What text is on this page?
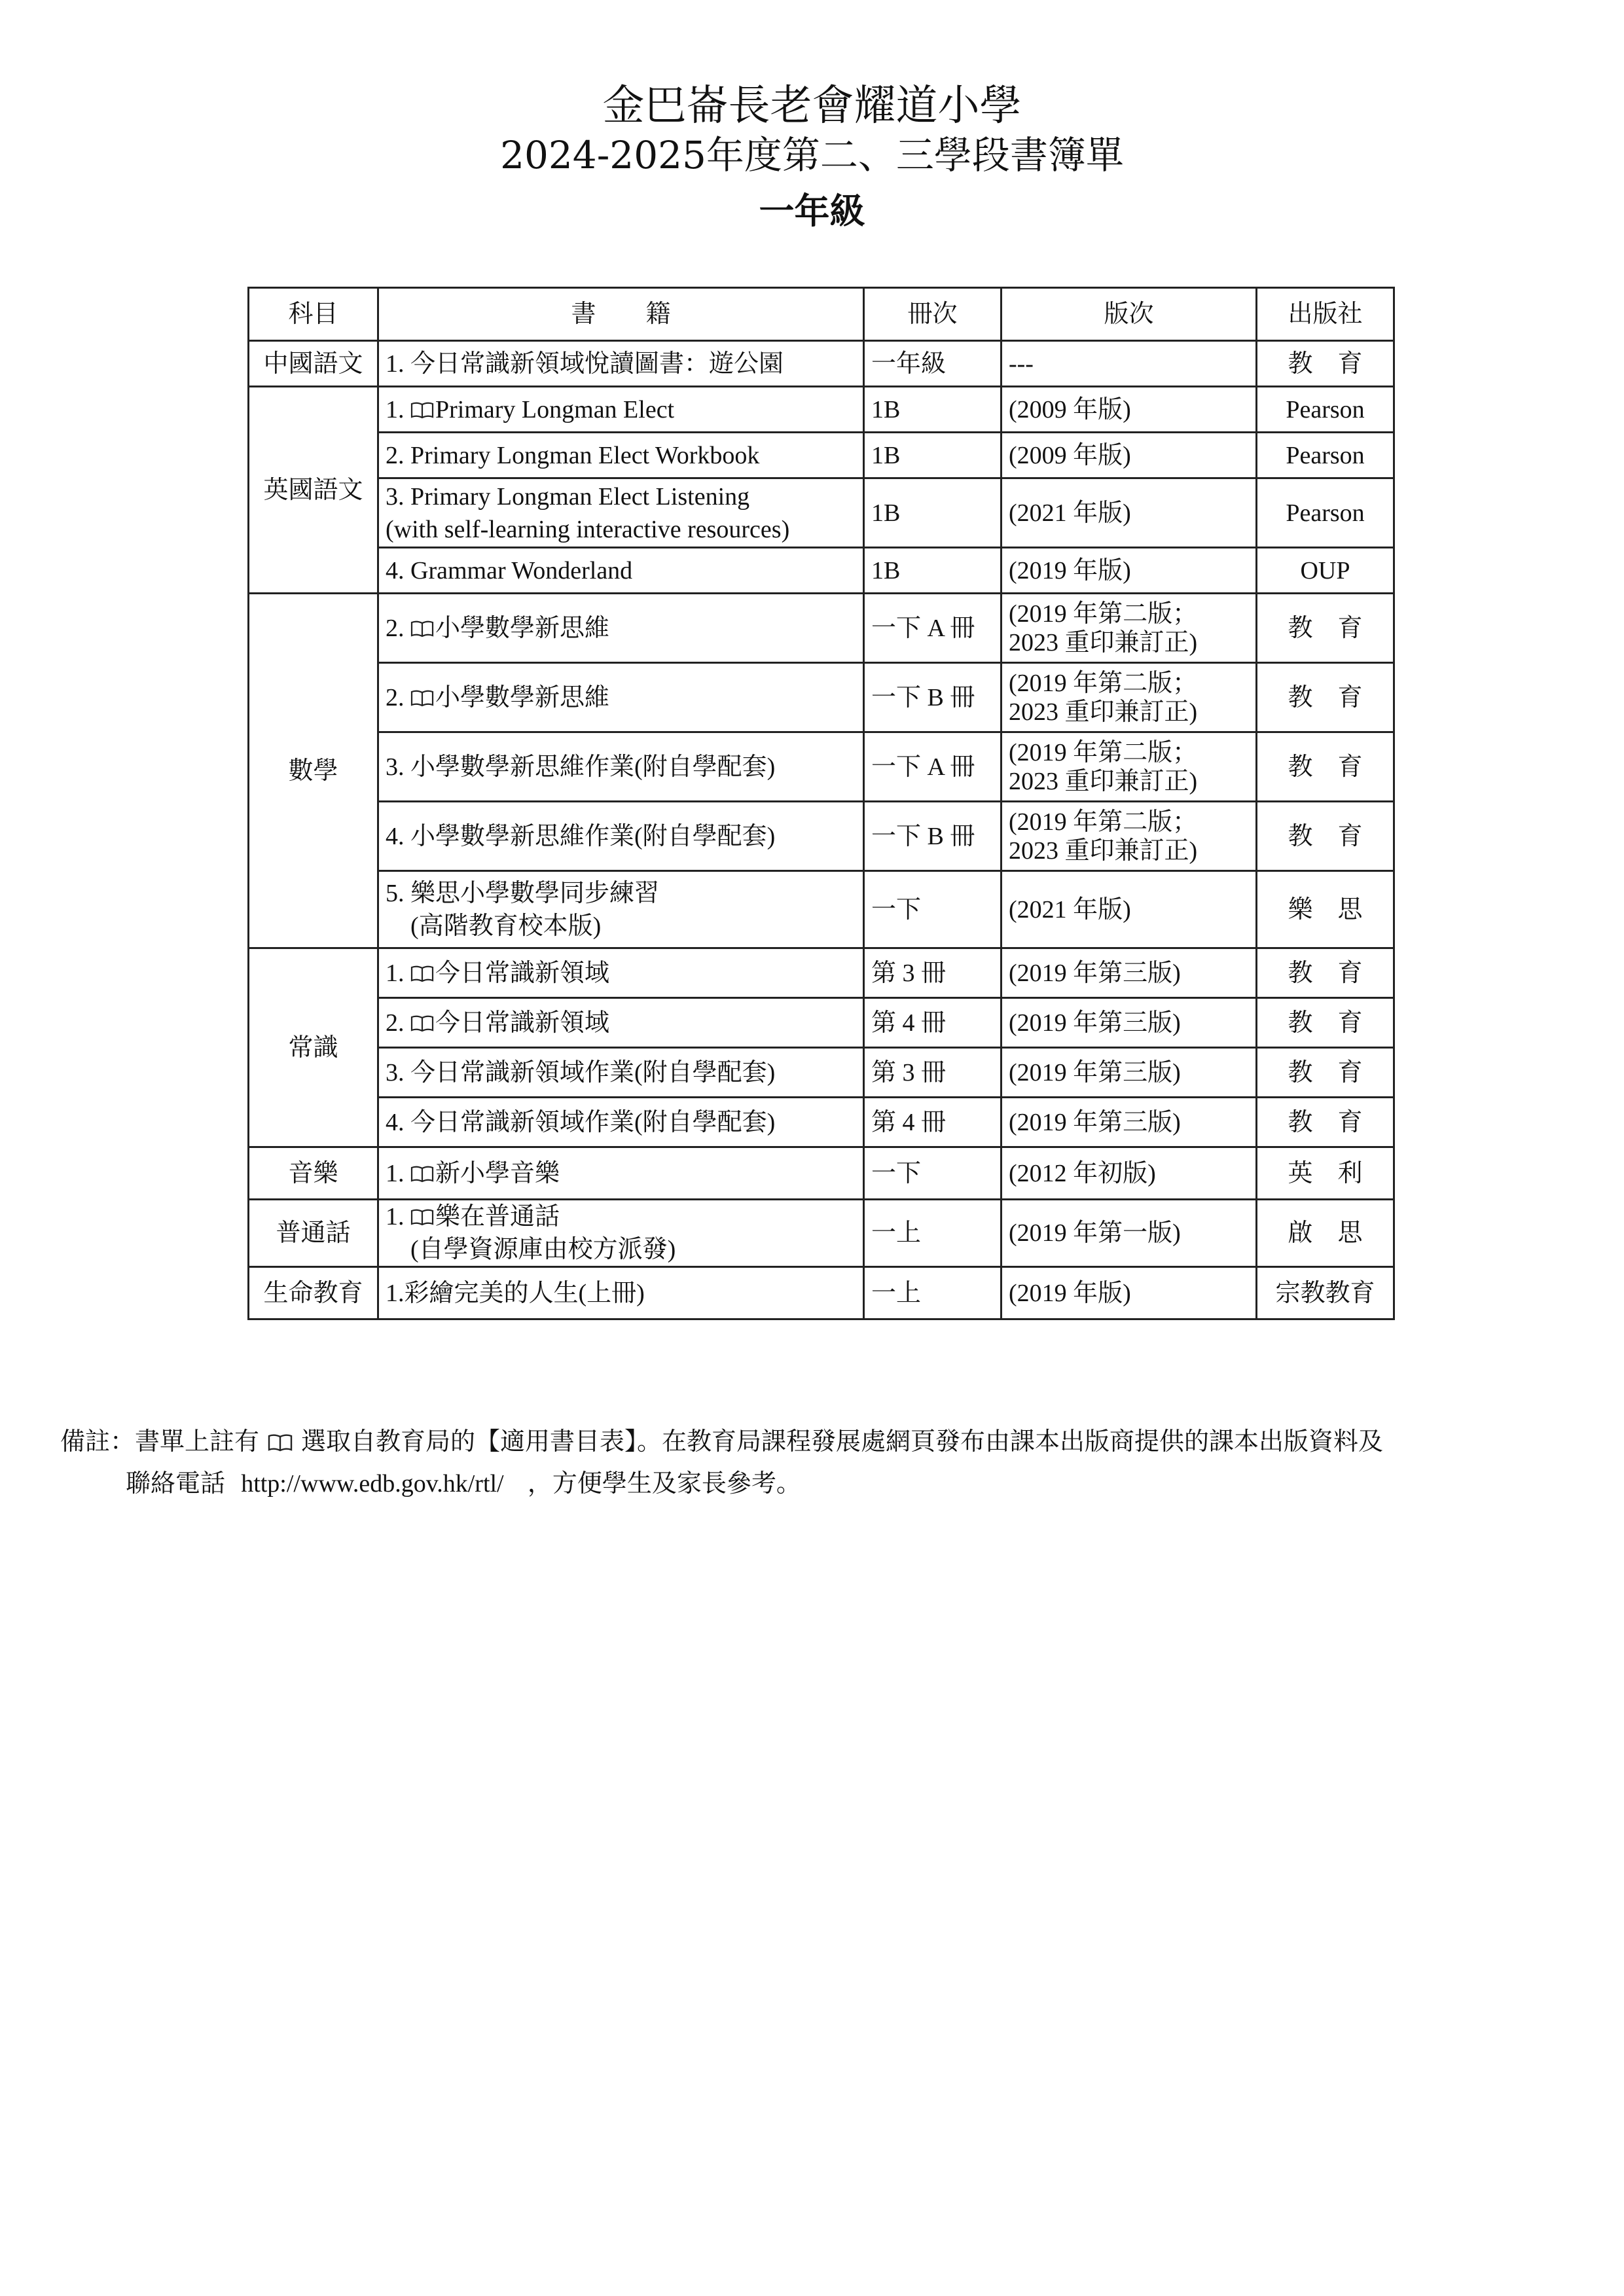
金巴崙長老會耀道小學
2024-2025年度第二、三學段書簿單
一年級
科目	書　　籍	冊次	版次	出版社
中國語文	1. 今日常識新領域悅讀圖書：遊公園	一年級	---	教　育
英國語文	1. Primary Longman Elect	1B	(2009 年版)	Pearson
	2. Primary Longman Elect Workbook	1B	(2009 年版)	Pearson
	3. Primary Longman Elect Listening
(with self-learning interactive resources)	1B	(2021 年版)	Pearson
	4. Grammar Wonderland	1B	(2019 年版)	OUP
數學	2. 小學數學新思維	一下 A 冊	(2019 年第二版；
2023 重印兼訂正)	教　育
	2. 小學數學新思維	一下 B 冊	(2019 年第二版；
2023 重印兼訂正)	教　育
	3. 小學數學新思維作業(附自學配套)	一下 A 冊	(2019 年第二版；
2023 重印兼訂正)	教　育
	4. 小學數學新思維作業(附自學配套)	一下 B 冊	(2019 年第二版；
2023 重印兼訂正)	教　育
	5. 樂思小學數學同步練習
(高階教育校本版)	一下	(2021 年版)	樂　思
常識	1. 今日常識新領域	第 3 冊	(2019 年第三版)	教　育
	2. 今日常識新領域	第 4 冊	(2019 年第三版)	教　育
	3. 今日常識新領域作業(附自學配套)	第 3 冊	(2019 年第三版)	教　育
	4. 今日常識新領域作業(附自學配套)	第 4 冊	(2019 年第三版)	教　育
音樂	1. 新小學音樂	一下	(2012 年初版)	英　利
普通話	1. 樂在普通話
(自學資源庫由校方派發)	一上	(2019 年第一版)	啟　思
生命教育	1.彩繪完美的人生(上冊)	一上	(2019 年版)	宗教教育
備註：書單上註有 選取自教育局的【適用書目表】。在教育局課程發展處網頁發布由課本出版商提供的課本出版資料及
聯絡電話 http://www.edb.gov.hk/rtl/ ，方便學生及家長參考。
